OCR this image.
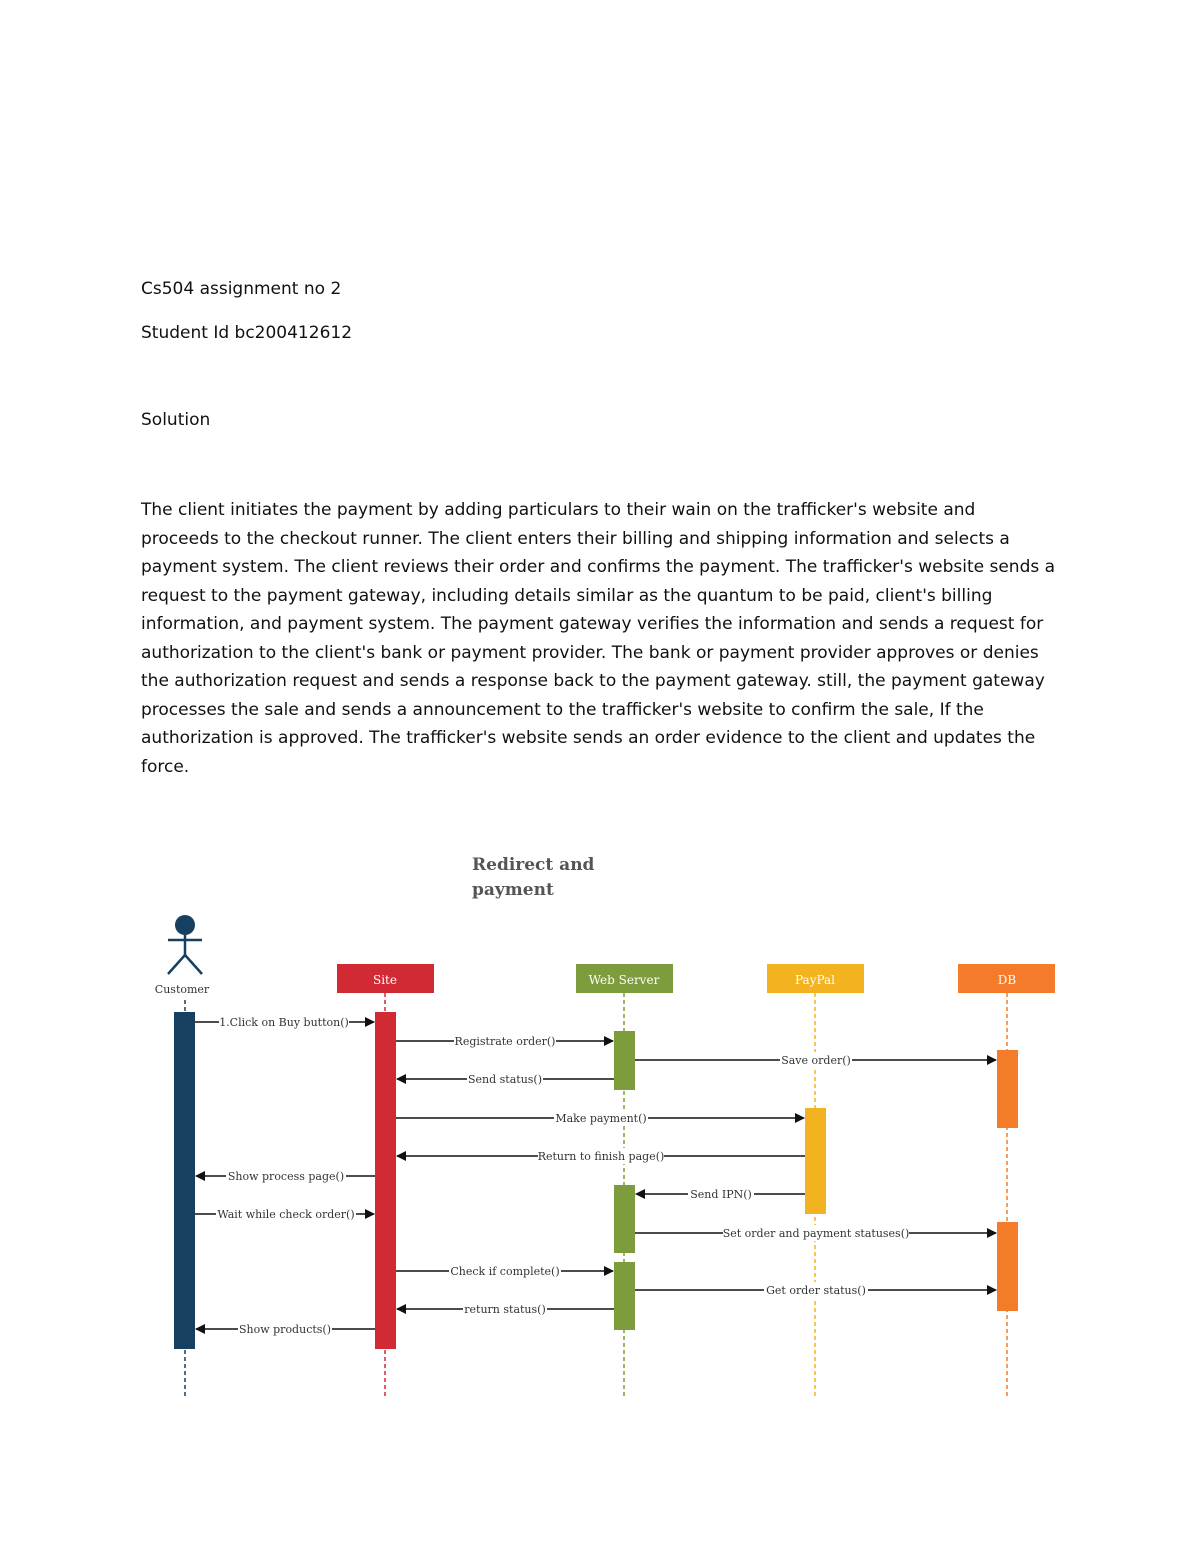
Cs504 assignment no 2

Student Id bc200412612

Solution

The client initiates the payment by adding particulars to their wain on the trafficker's website and proceeds to the checkout runner. The client enters their billing and shipping information and selects a payment system. The client reviews their order and confirms the payment. The trafficker's website sends a request to the payment gateway, including details similar as the quantum to be paid, client's billing information, and payment system. The payment gateway verifies the information and sends a request for authorization to the client's bank or payment provider. The bank or payment provider approves or denies the authorization request and sends a response back to the payment gateway. still, the payment gateway processes the sale and sends a announcement to the trafficker's website to confirm the sale, If the authorization is approved. The trafficker's website sends an order evidence to the client and updates the force.

Redirect and
payment
Customer
Site	Web Server	PayPal	DB
1.Click on Buy button()
Registrate order()
Save order()
Send status()
Make payment()
Return to finish page()
Show process page()
Send IPN()
Wait while check order()
Set order and payment statuses()
Check if complete()
Get order status()
return status()
Show products()
